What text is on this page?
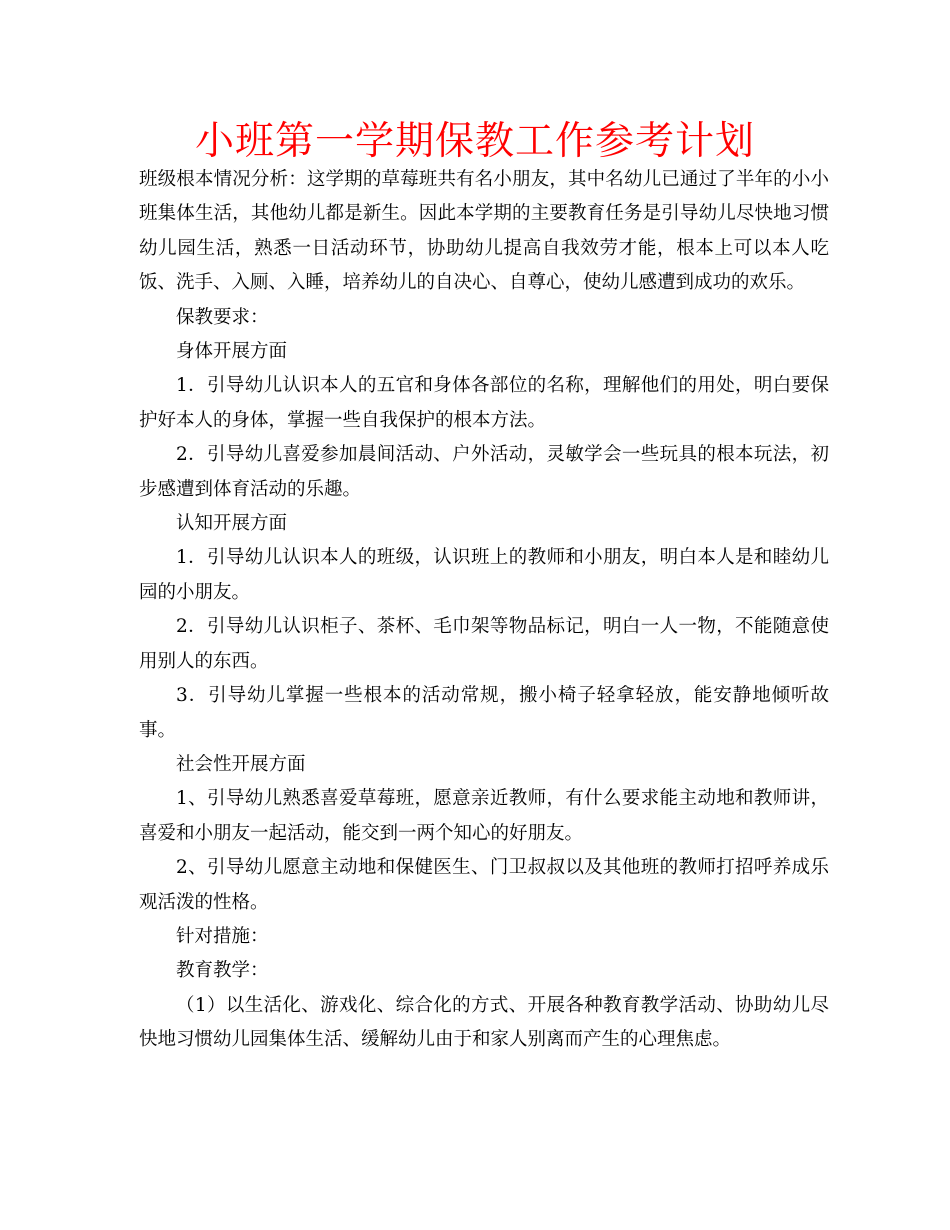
小班第一学期保教工作参考计划

班级根本情况分析：这学期的草莓班共有名小朋友，其中名幼儿已通过了半年的小小班集体生活，其他幼儿都是新生。因此本学期的主要教育任务是引导幼儿尽快地习惯幼儿园生活，熟悉一日活动环节，协助幼儿提高自我效劳才能，根本上可以本人吃饭、洗手、入厕、入睡，培养幼儿的自决心、自尊心，使幼儿感遭到成功的欢乐。

保教要求：

身体开展方面

1．引导幼儿认识本人的五官和身体各部位的名称，理解他们的用处，明白要保护好本人的身体，掌握一些自我保护的根本方法。

2．引导幼儿喜爱参加晨间活动、户外活动，灵敏学会一些玩具的根本玩法，初步感遭到体育活动的乐趣。

认知开展方面

1．引导幼儿认识本人的班级，认识班上的教师和小朋友，明白本人是和睦幼儿园的小朋友。

2．引导幼儿认识柜子、茶杯、毛巾架等物品标记，明白一人一物，不能随意使用别人的东西。

3．引导幼儿掌握一些根本的活动常规，搬小椅子轻拿轻放，能安静地倾听故事。

社会性开展方面

1、引导幼儿熟悉喜爱草莓班，愿意亲近教师，有什么要求能主动地和教师讲，喜爱和小朋友一起活动，能交到一两个知心的好朋友。

2、引导幼儿愿意主动地和保健医生、门卫叔叔以及其他班的教师打招呼养成乐观活泼的性格。

针对措施：

教育教学：

（1）以生活化、游戏化、综合化的方式、开展各种教育教学活动、协助幼儿尽快地习惯幼儿园集体生活、缓解幼儿由于和家人别离而产生的心理焦虑。
